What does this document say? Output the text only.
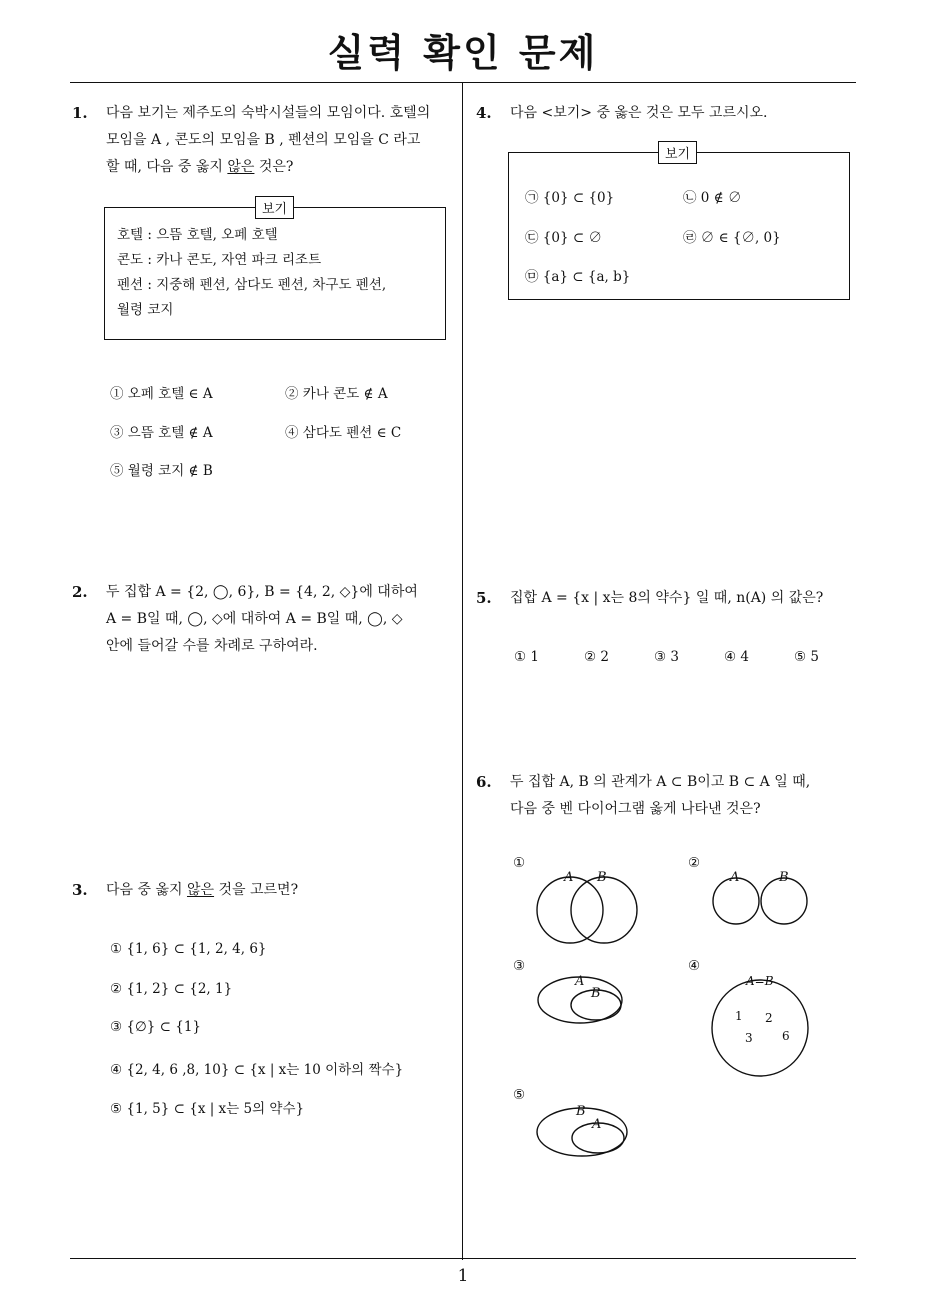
실력 확인 문제
1
1. 다음 보기는 제주도의 숙박시설들의 모임이다. 호텔의
모임을 A , 콘도의 모임을 B , 펜션의 모임을 C 라고
할 때, 다음 중 옳지 않은 것은?
호텔 : 으뜸 호텔, 오페 호텔
콘도 : 카나 콘도, 자연 파크 리조트
펜션 : 지중해 펜션, 삼다도 펜션, 차구도 펜션,
월령 코지
보기
① 오페 호텔 ∈ A	② 카나 콘도 ∉ A
③ 으뜸 호텔 ∉ A	④ 삼다도 펜션 ∈ C
⑤ 월령 코지 ∉ B
2. 두 집합 A = {2, ◯, 6}, B = {4, 2, ◇}에 대하여
A = B일 때, ◯, ◇에 대하여 A = B일 때, ◯, ◇
안에 들어갈 수를 차례로 구하여라.
3. 다음 중 옳지 않은 것을 고르면?
① {1, 6} ⊂ {1, 2, 4, 6}
② {1, 2} ⊂ {2, 1}
③ {∅} ⊂ {1}
④ {2, 4, 6 ,8, 10} ⊂ {x | x는 10 이하의 짝수}
⑤ {1, 5} ⊂ {x | x는 5의 약수}
4. 다음 <보기> 중 옳은 것은 모두 고르시오.
보기
㉠ {0} ⊂ {0}	㉡ 0 ∉ ∅
㉢ {0} ⊂ ∅	㉣ ∅ ∈ {∅, 0}
㉤ {a} ⊂ {a, b}
5. 집합 A = {x | x는 8의 약수} 일 때, n(A) 의 값은?
① 1	② 2	③ 3	④ 4	⑤ 5
6. 두 집합 A, B 의 관계가 A ⊂ B이고 B ⊂ A 일 때,
다음 중 벤 다이어그램 옳게 나타낸 것은?
①	②
③	④
⑤
A B	A	B
A
B
A=B
B
A
1 2
3 6
